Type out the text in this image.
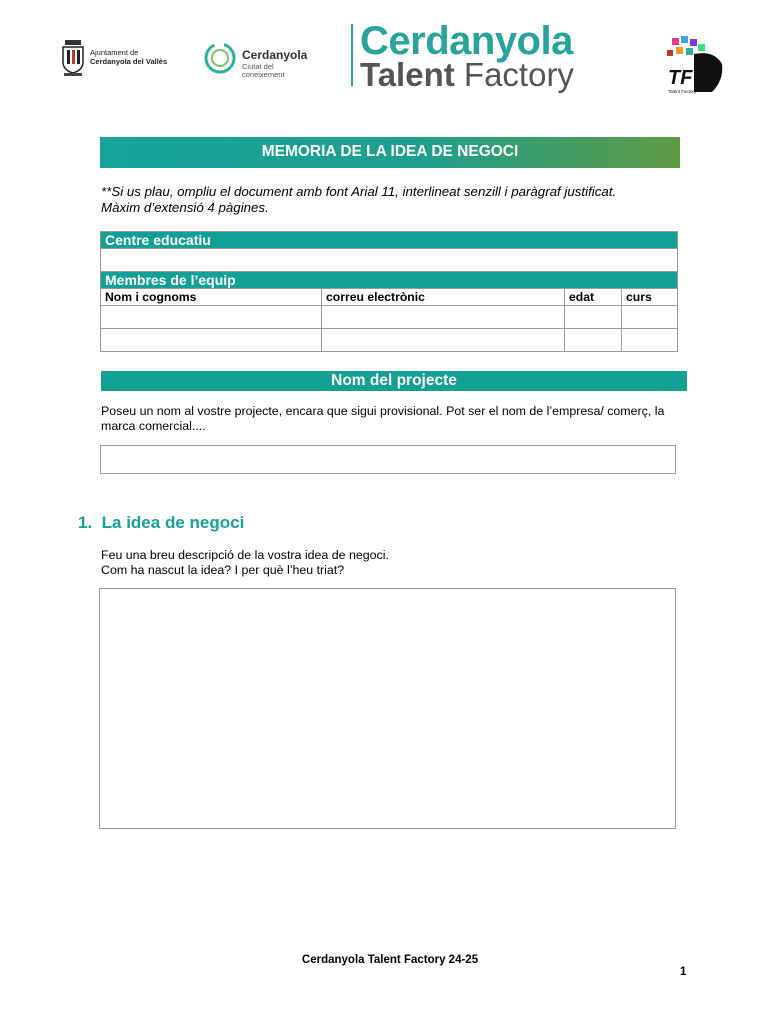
Ajuntament de
Cerdanyola del Vallès	Cerdanyola
Ciutat del
coneixement
Cerdanyola
Talent Factory	TF
Talent Factory
MEMORIA DE LA IDEA DE NEGOCI
**Si us plau, ompliu el document amb font Arial 11, interlineat senzill i paràgraf justificat.
Màxim d’extensió 4 pàgines.
Centre educatiu			

Membres de l’equip			
Nom i cognoms	correu electrònic	edat	curs

Nom del projecte
Poseu un nom al vostre projecte, encara que sigui provisional. Pot ser el nom de l’empresa/ comerç, la marca comercial....
1. La idea de negoci
Feu una breu descripció de la vostra idea de negoci.
Com ha nascut la idea? I per què l’heu triat?
Cerdanyola Talent Factory 24-25
1
